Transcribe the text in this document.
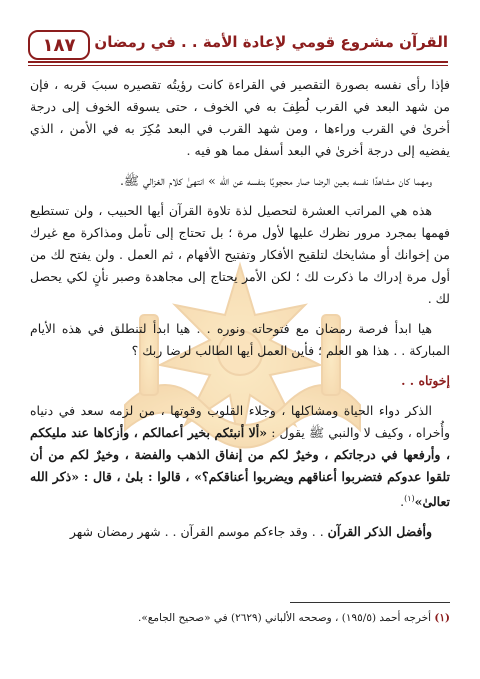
١٨٧ القرآن مشروع قومي لإعادة الأمة . . في رمضان

فإذا رأى نفسه بصورة التقصير في القراءة كانت رؤيتُه تقصيره سببَ قربه ، فإن من شهد البعد في القرب لُطِفَ به في الخوف ، حتى يسوقه الخوف إلى درجة أخرىٰ في القرب وراءها ، ومن شهد القرب في البعد مُكِرَ به في الأمن ، الذي يفضيه إلى درجة أخرىٰ في البعد أسفل مما هو فيه .

ومهما كان مشاهدًا نفسه بعين الرضا صار محجوبًا بنفسه عن الله » انتهىٰ كلام الغزالي ﷺ.

هذه هي المراتب العشرة لتحصيل لذة تلاوة القرآن أيها الحبيب ، ولن تستطيع فهمها بمجرد مرور نظرك عليها لأول مرة ؛ بل تحتاج إلى تأمل ومذاكرة مع غيرك من إخوانك أو مشايخك لتلقيح الأفكار وتفتيح الأفهام ، ثم العمل . ولن يفتح لك من أول مرة إدراك ما ذكرت لك ؛ لكن الأمر يحتاج إلى مجاهدة وصبر نأنٍ لكي يحصل لك .

هيا ابدأ فرصة رمضان مع فتوحاته ونوره . . هيا ابدأ لتنطلق في هذه الأيام المباركة . . هذا هو العلم ؛ فأين العمل أيها الطالب لرضا ربك ؟

إخوتاه . .

الذكر دواء الحياة ومشاكلها ، وجلاء القلوب وقوتها ، من لزمه سعد في دنياه وأُخراه ، وكيف لا والنبي ﷺ يقول : «ألا أنبئكم بخير أعمالكم ، وأزكاها عند مليككم ، وأرفعها في درجاتكم ، وخيرٌ لكم من إنفاق الذهب والفضة ، وخيرٌ لكم من أن تلقوا عدوكم فتضربوا أعناقهم ويضربوا أعناقكم؟» ، قالوا : بلىٰ ، قال : «ذكر الله تعالىٰ»$^{(١)}$.

وأفضل الذكر القرآن . . وقد جاءكم موسم القرآن . . شهر رمضان شهر

(١) أخرجه أحمد (١٩٥/٥) ، وصححه الألباني (٢٦٢٩) في «صحيح الجامع».
